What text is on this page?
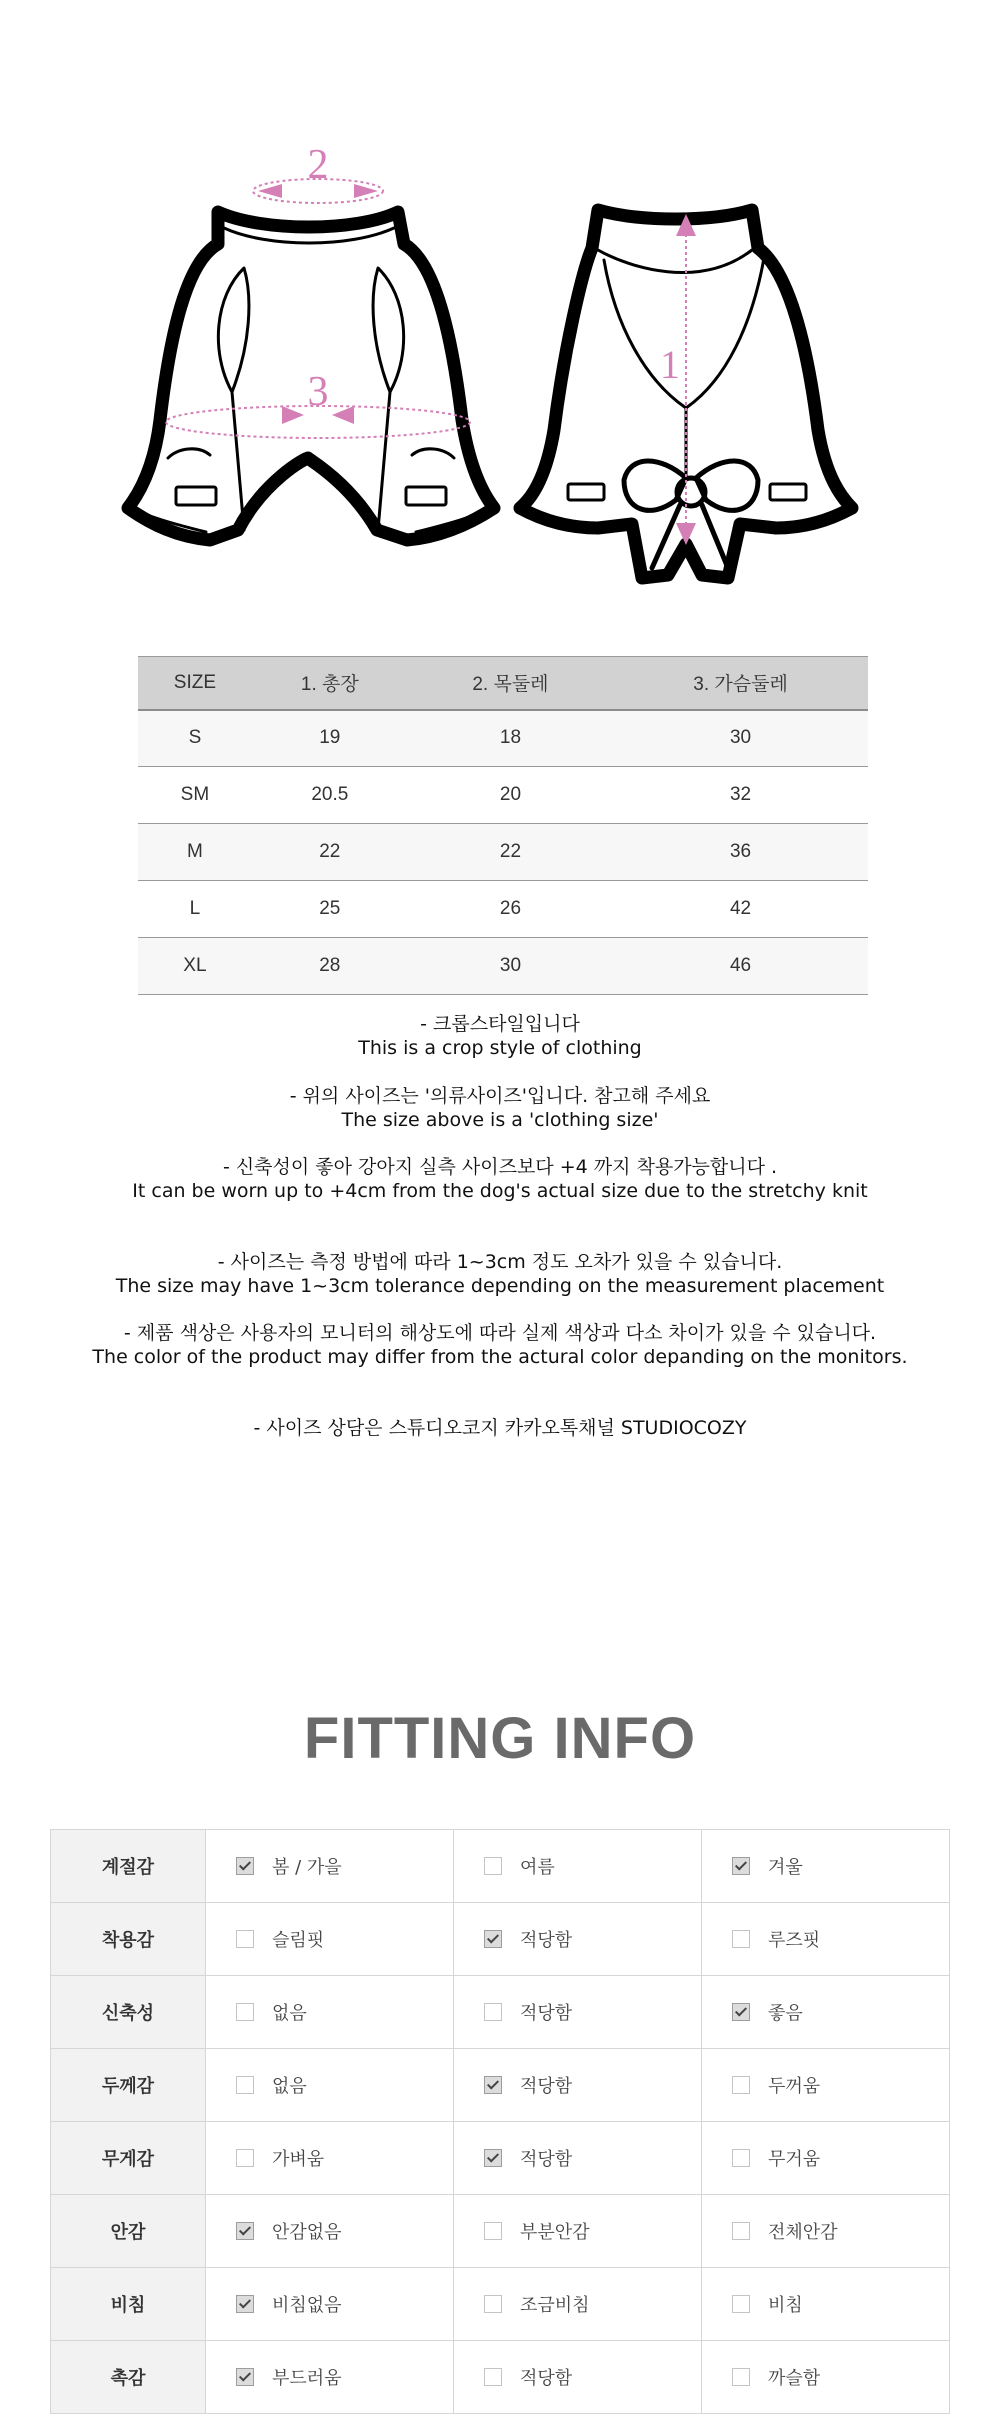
2
3
1
SIZE	1. 총장	2. 목둘레	3. 가슴둘레
S	19	18	30
SM	20.5	20	32
M	22	22	36
L	25	26	42
XL	28	30	46

- 크롭스타일입니다

This is a crop style of clothing

- 위의 사이즈는 '의류사이즈'입니다. 참고해 주세요

The size above is a 'clothing size'

- 신축성이 좋아 강아지 실측 사이즈보다 +4 까지 착용가능합니다 .

It can be worn up to +4cm from the dog's actual size due to the stretchy knit

- 사이즈는 측정 방법에 따라 1~3cm 정도 오차가 있을 수 있습니다.

The size may have 1~3cm tolerance depending on the measurement placement

- 제품 색상은 사용자의 모니터의 해상도에 따라 실제 색상과 다소 차이가 있을 수 있습니다.

The color of the product may differ from the actural color depanding on the monitors.

- 사이즈 상담은 스튜디오코지 카카오톡채널 STUDIOCOZY

FITTING INFO
계절감	봄 / 가을	여름	겨울

착용감	슬림핏	적당함	루즈핏

신축성	없음	적당함	좋음

두께감	없음	적당함	두꺼움

무게감	가벼움	적당함	무거움

안감	안감없음	부분안감	전체안감

비침	비침없음	조금비침	비침

촉감	부드러움	적당함	까슬함
